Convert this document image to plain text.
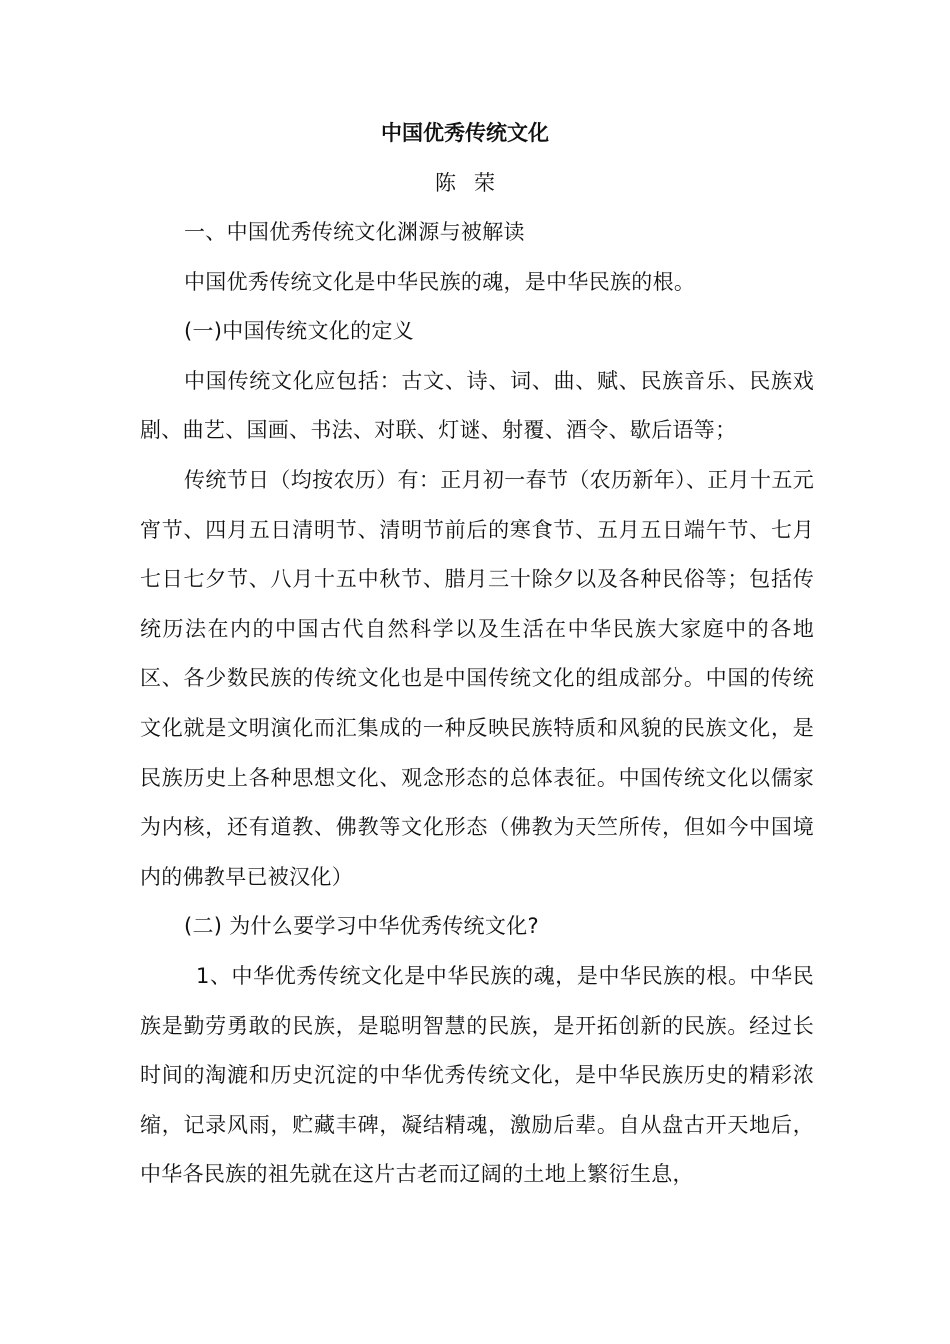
中国优秀传统文化
陈荣

一、中国优秀传统文化渊源与被解读

中国优秀传统文化是中华民族的魂，是中华民族的根。

(一)中国传统文化的定义

中国传统文化应包括：古文、诗、词、曲、赋、民族音乐、民族戏剧、曲艺、国画、书法、对联、灯谜、射覆、酒令、歇后语等；

传统节日（均按农历）有：正月初一春节（农历新年）、正月十五元宵节、四月五日清明节、清明节前后的寒食节、五月五日端午节、七月七日七夕节、八月十五中秋节、腊月三十除夕以及各种民俗等；包括传统历法在内的中国古代自然科学以及生活在中华民族大家庭中的各地区、各少数民族的传统文化也是中国传统文化的组成部分。中国的传统文化就是文明演化而汇集成的一种反映民族特质和风貌的民族文化，是民族历史上各种思想文化、观念形态的总体表征。中国传统文化以儒家为内核，还有道教、佛教等文化形态（佛教为天竺所传，但如今中国境内的佛教早已被汉化）

(二) 为什么要学习中华优秀传统文化?

1、中华优秀传统文化是中华民族的魂，是中华民族的根。中华民族是勤劳勇敢的民族，是聪明智慧的民族，是开拓创新的民族。经过长时间的淘漉和历史沉淀的中华优秀传统文化，是中华民族历史的精彩浓缩，记录风雨，贮藏丰碑，凝结精魂，激励后辈。自从盘古开天地后，中华各民族的祖先就在这片古老而辽阔的土地上繁衍生息，
